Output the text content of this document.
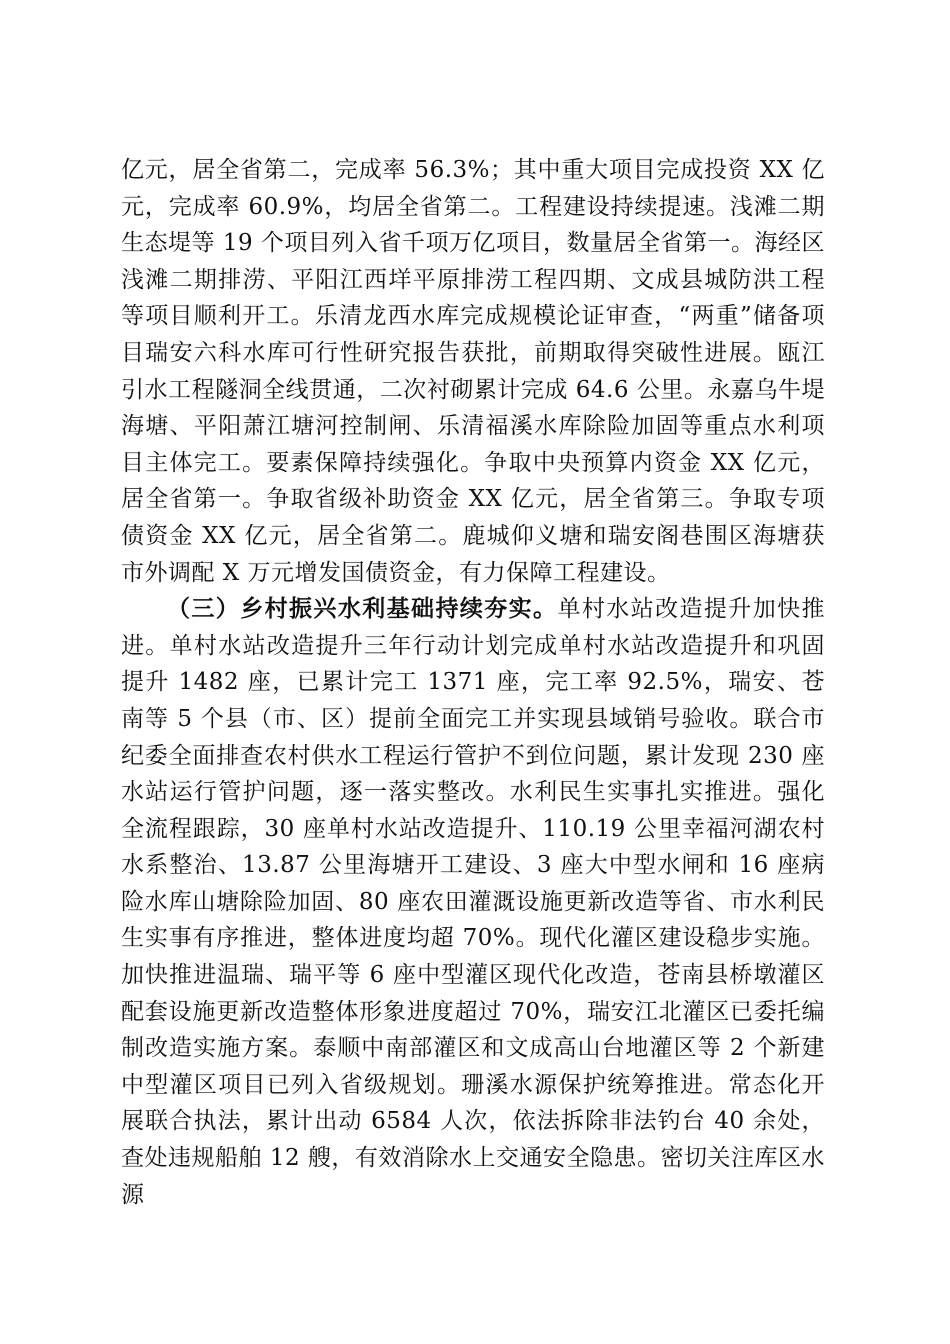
亿元，居全省第二，完成率 56.3%；其中重大项目完成投资 XX 亿元，完成率 60.9%，均居全省第二。工程建设持续提速。浅滩二期生态堤等 19 个项目列入省千项万亿项目，数量居全省第一。海经区浅滩二期排涝、平阳江西垟平原排涝工程四期、文成县城防洪工程等项目顺利开工。乐清龙西水库完成规模论证审查，“两重”储备项目瑞安六科水库可行性研究报告获批，前期取得突破性进展。瓯江引水工程隧洞全线贯通，二次衬砌累计完成 64.6 公里。永嘉乌牛堤海塘、平阳萧江塘河控制闸、乐清福溪水库除险加固等重点水利项目主体完工。要素保障持续强化。争取中央预算内资金 XX 亿元，居全省第一。争取省级补助资金 XX 亿元，居全省第三。争取专项债资金 XX 亿元，居全省第二。鹿城仰义塘和瑞安阁巷围区海塘获市外调配 X 万元增发国债资金，有力保障工程建设。

（三）乡村振兴水利基础持续夯实。单村水站改造提升加快推进。单村水站改造提升三年行动计划完成单村水站改造提升和巩固提升 1482 座，已累计完工 1371 座，完工率 92.5%，瑞安、苍南等 5 个县（市、区）提前全面完工并实现县域销号验收。联合市纪委全面排查农村供水工程运行管护不到位问题，累计发现 230 座水站运行管护问题，逐一落实整改。水利民生实事扎实推进。强化全流程跟踪，30 座单村水站改造提升、110.19 公里幸福河湖农村水系整治、13.87 公里海塘开工建设、3 座大中型水闸和 16 座病险水库山塘除险加固、80 座农田灌溉设施更新改造等省、市水利民生实事有序推进，整体进度均超 70%。现代化灌区建设稳步实施。加快推进温瑞、瑞平等 6 座中型灌区现代化改造，苍南县桥墩灌区配套设施更新改造整体形象进度超过 70%，瑞安江北灌区已委托编制改造实施方案。泰顺中南部灌区和文成高山台地灌区等 2 个新建中型灌区项目已列入省级规划。珊溪水源保护统筹推进。常态化开展联合执法，累计出动 6584 人次，依法拆除非法钓台 40 余处，查处违规船舶 12 艘，有效消除水上交通安全隐患。密切关注库区水源
